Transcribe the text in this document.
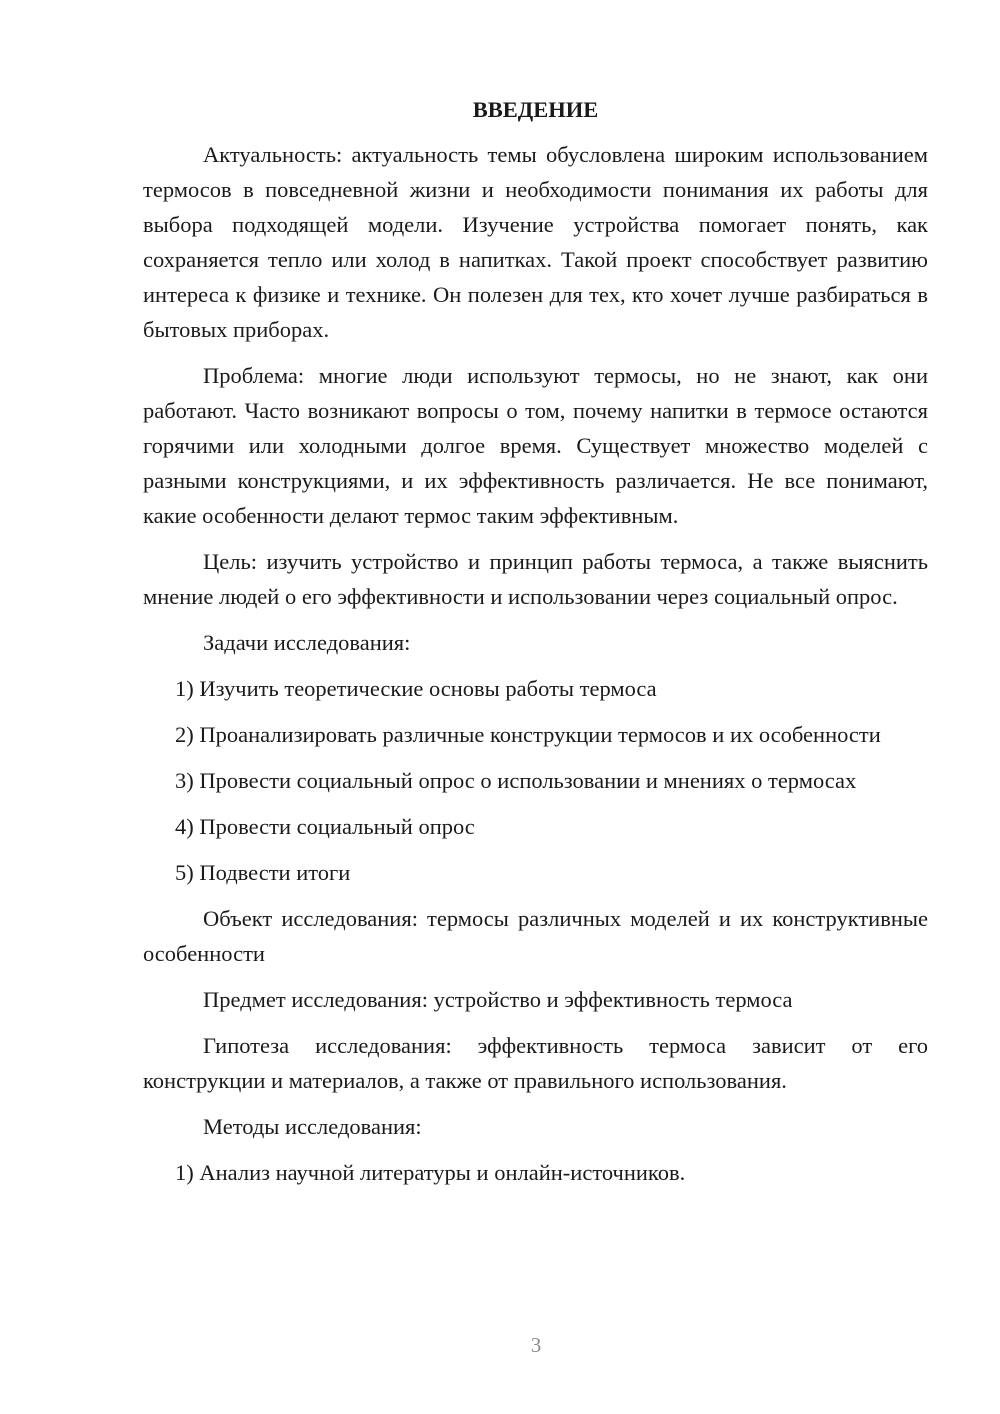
ВВЕДЕНИЕ

Актуальность: актуальность темы обусловлена широким использованием термосов в повседневной жизни и необходимости понимания их работы для выбора подходящей модели. Изучение устройства помогает понять, как сохраняется тепло или холод в напитках. Такой проект способствует развитию интереса к физике и технике. Он полезен для тех, кто хочет лучше разбираться в бытовых приборах.

Проблема: многие люди используют термосы, но не знают, как они работают. Часто возникают вопросы о том, почему напитки в термосе остаются горячими или холодными долгое время. Существует множество моделей с разными конструкциями, и их эффективность различается. Не все понимают, какие особенности делают термос таким эффективным.

Цель: изучить устройство и принцип работы термоса, а также выяснить мнение людей о его эффективности и использовании через социальный опрос.

Задачи исследования:

1) Изучить теоретические основы работы термоса

2) Проанализировать различные конструкции термосов и их особенности

3) Провести социальный опрос о использовании и мнениях о термосах

4) Провести социальный опрос

5) Подвести итоги

Объект исследования: термосы различных моделей и их конструктивные особенности

Предмет исследования: устройство и эффективность термоса

Гипотеза исследования: эффективность термоса зависит от его конструкции и материалов, а также от правильного использования.

Методы исследования:

1) Анализ научной литературы и онлайн-источников.

3
